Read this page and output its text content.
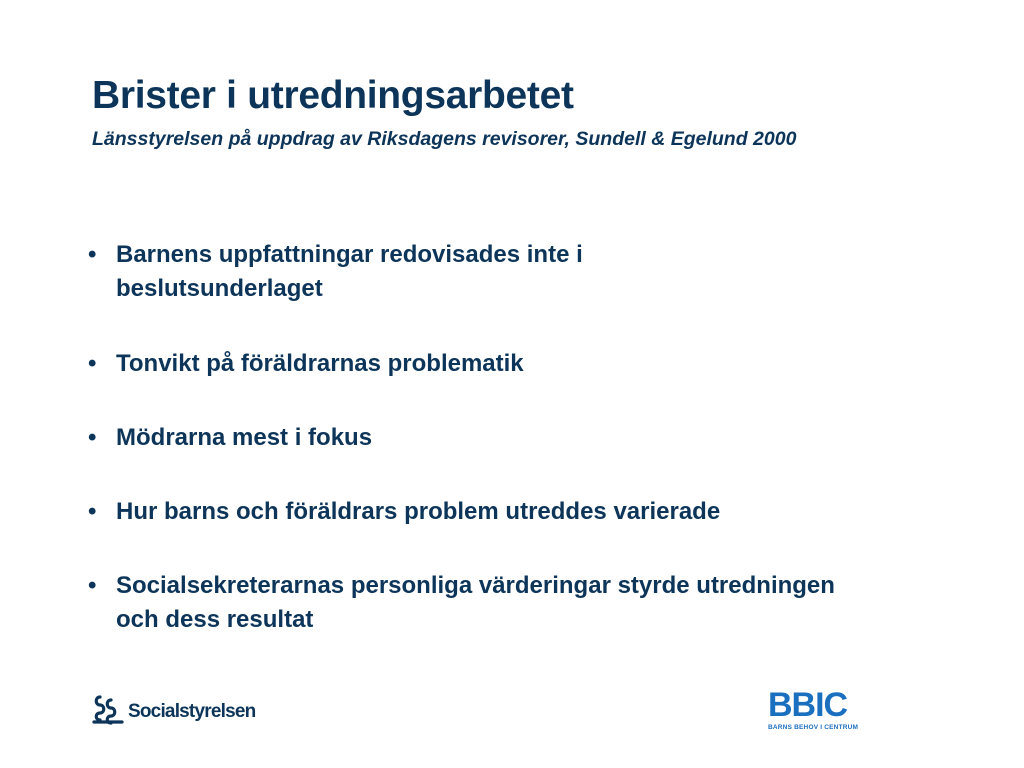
Brister i utredningsarbetet
Länsstyrelsen på uppdrag av Riksdagens revisorer, Sundell & Egelund 2000
• Barnens uppfattningar redovisades inte i beslutsunderlaget
• Tonvikt på föräldrarnas problematik
• Mödrarna mest i fokus
• Hur barns och föräldrars problem utreddes varierade
• Socialsekreterarnas personliga värderingar styrde utredningen och dess resultat
Socialstyrelsen	BBIC
BARNS BEHOV I CENTRUM
